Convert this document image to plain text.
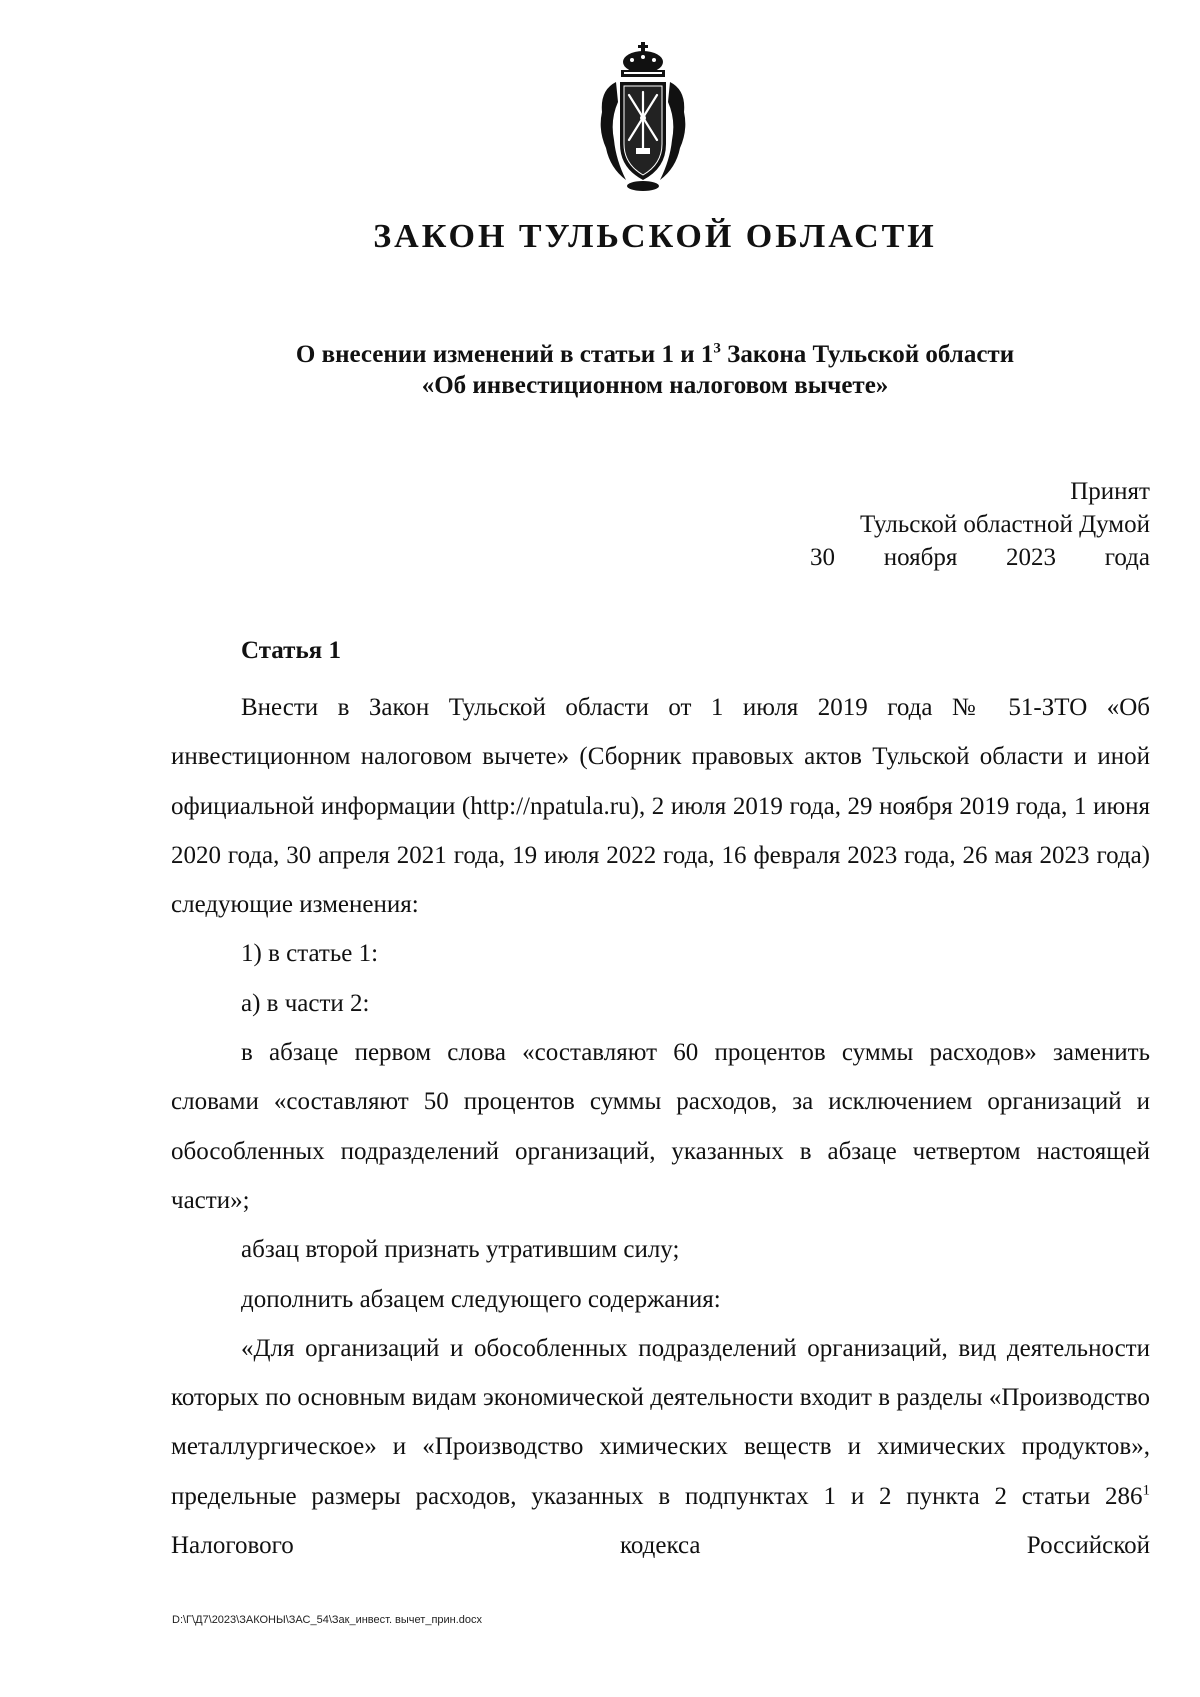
ЗАКОН ТУЛЬСКОЙ ОБЛАСТИ
О внесении изменений в статьи 1 и $1^3$ Закона Тульской области
«Об инвестиционном налоговом вычете»
Принят
Тульской областной Думой
30 ноября 2023 года
Статья 1

Внести в Закон Тульской области от 1 июля 2019 года № 51-ЗТО «Об инвестиционном налоговом вычете» (Сборник правовых актов Тульской области и иной официальной информации (http://npatula.ru), 2 июля 2019 года, 29 ноября 2019 года, 1 июня 2020 года, 30 апреля 2021 года, 19 июля 2022 года, 16 февраля 2023 года, 26 мая 2023 года) следующие изменения:

1) в статье 1:

а) в части 2:

в абзаце первом слова «составляют 60 процентов суммы расходов» заменить словами «составляют 50 процентов суммы расходов, за исключением организаций и обособленных подразделений организаций, указанных в абзаце четвертом настоящей части»;

абзац второй признать утратившим силу;

дополнить абзацем следующего содержания:

«Для организаций и обособленных подразделений организаций, вид деятельности которых по основным видам экономической деятельности входит в разделы «Производство металлургическое» и «Производство химических веществ и химических продуктов», предельные размеры расходов, указанных в подпунктах 1 и 2 пункта 2 статьи $286^1$ Налогового кодекса Российской

D:\Г\Д7\2023\ЗАКОНЫ\ЗАС_54\Зак_инвест. вычет_прин.docx
